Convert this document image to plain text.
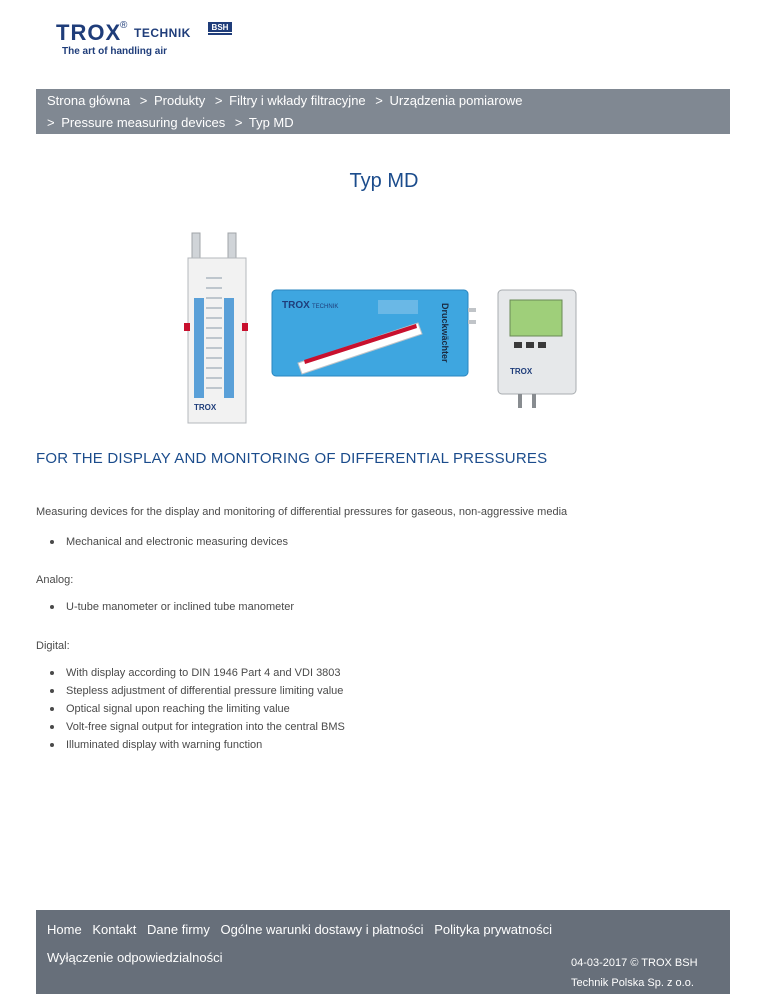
TROX
®
TECHNIK
The art of handling air
BSH
Strona główna > Produkty > Filtry i wkłady filtracyjne > Urządzenia pomiarowe
> Pressure measuring devices > Typ MD
Typ MD
TROX
TROX TECHNIK	Druckwächter
TROX
FOR THE DISPLAY AND MONITORING OF DIFFERENTIAL PRESSURES
Measuring devices for the display and monitoring of differential pressures for gaseous, non-aggressive media
Mechanical and electronic measuring devices
Analog:
U-tube manometer or inclined tube manometer
Digital:
With display according to DIN 1946 Part 4 and VDI 3803
Stepless adjustment of differential pressure limiting value
Optical signal upon reaching the limiting value
Volt-free signal output for integration into the central BMS
Illuminated display with warning function
Home Kontakt Dane firmy Ogólne warunki dostawy i płatności Polityka prywatności
Wyłączenie odpowiedzialności	04-03-2017 © TROX BSH
Technik Polska Sp. z o.o.
